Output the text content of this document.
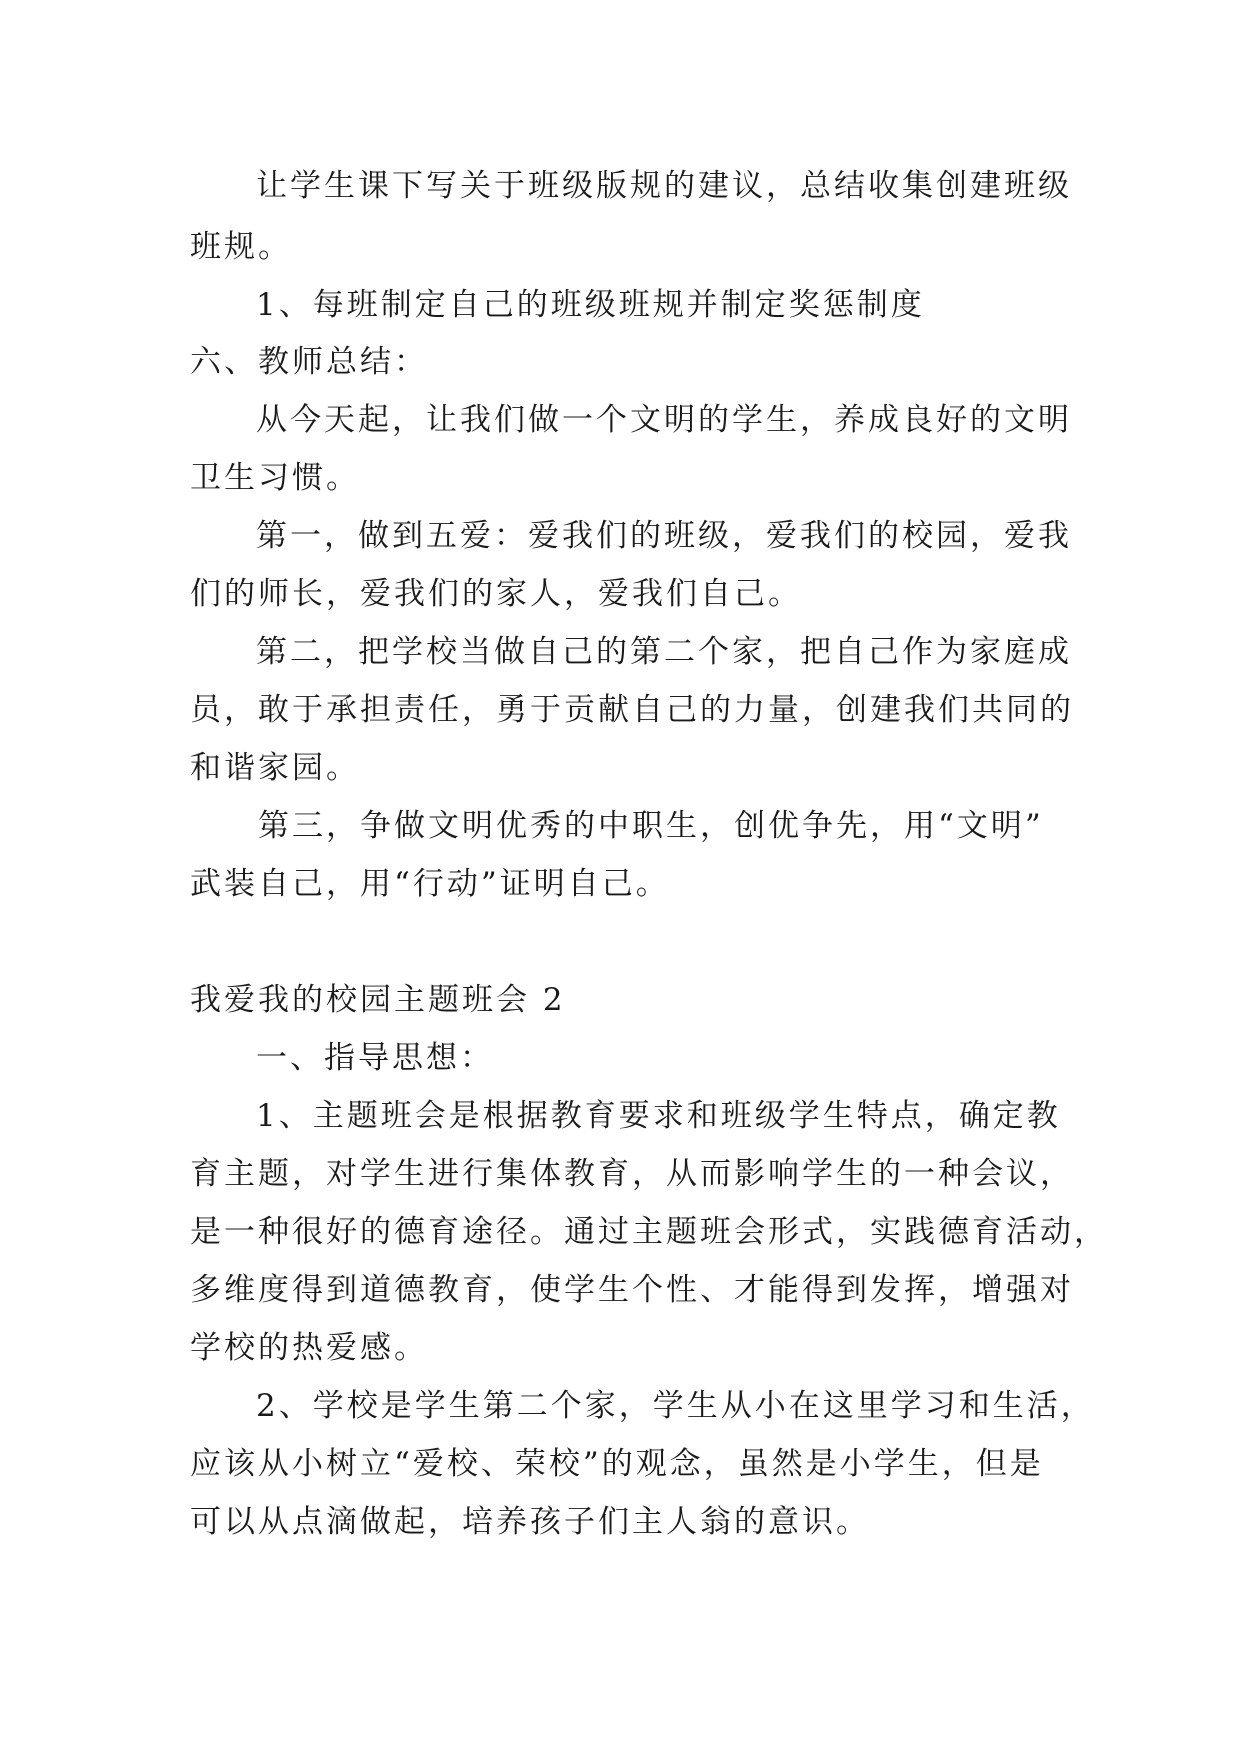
让学生课下写关于班级版规的建议，总结收集创建班级
班规。
1、每班制定自己的班级班规并制定奖惩制度
六、教师总结：
从今天起，让我们做一个文明的学生，养成良好的文明
卫生习惯。
第一，做到五爱：爱我们的班级，爱我们的校园，爱我
们的师长，爱我们的家人，爱我们自己。
第二，把学校当做自己的第二个家，把自己作为家庭成
员，敢于承担责任，勇于贡献自己的力量，创建我们共同的
和谐家园。
第三，争做文明优秀的中职生，创优争先，用“文明”
武装自己，用“行动”证明自己。
我爱我的校园主题班会 2
一、指导思想：
1、主题班会是根据教育要求和班级学生特点，确定教
育主题，对学生进行集体教育，从而影响学生的一种会议，
是一种很好的德育途径。通过主题班会形式，实践德育活动，
多维度得到道德教育，使学生个性、才能得到发挥，增强对
学校的热爱感。
2、学校是学生第二个家，学生从小在这里学习和生活，
应该从小树立“爱校、荣校”的观念，虽然是小学生，但是
可以从点滴做起，培养孩子们主人翁的意识。
